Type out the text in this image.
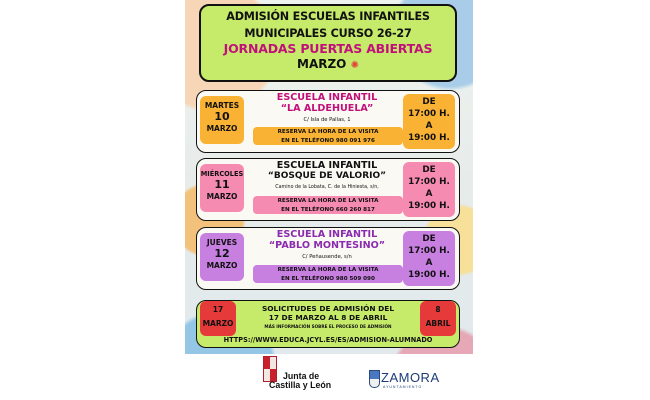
ADMISIÓN ESCUELAS INFANTILES
MUNICIPALES CURSO 26-27
JORNADAS PUERTAS ABIERTAS
MARZO ✺
MARTES
10
MARZO
ESCUELA INFANTIL
“LA ALDEHUELA”
C/ Isla de Pallas, 1
RESERVA LA HORA DE LA VISITA
EN EL TELÉFONO 980 091 976
DE
17:00 H.
A
19:00 H.
MIÉRCOLES
11
MARZO
ESCUELA INFANTIL
“BOSQUE DE VALORIO”
Camino de la Lobata, C. de la Hiniesta, s/n,
RESERVA LA HORA DE LA VISITA
EN EL TELÉFONO 660 260 817
DE
17:00 H.
A
19:00 H.
JUEVES
12
MARZO
ESCUELA INFANTIL
“PABLO MONTESINO”
C/ Peñausende, s/n
RESERVA LA HORA DE LA VISITA
EN EL TELÉFONO 980 509 090
DE
17:00 H.
A
19:00 H.
17
MARZO
SOLICITUDES DE ADMISIÓN DEL
17 DE MARZO AL 8 DE ABRIL
MÁS INFORMACIÓN SOBRE EL PROCESO DE ADMISIÓN
8
ABRIL
HTTPS://WWW.EDUCA.JCYL.ES/ES/ADMISION-ALUMNADO
Junta de
Castilla y León	ZAMORA
AYUNTAMIENTO
